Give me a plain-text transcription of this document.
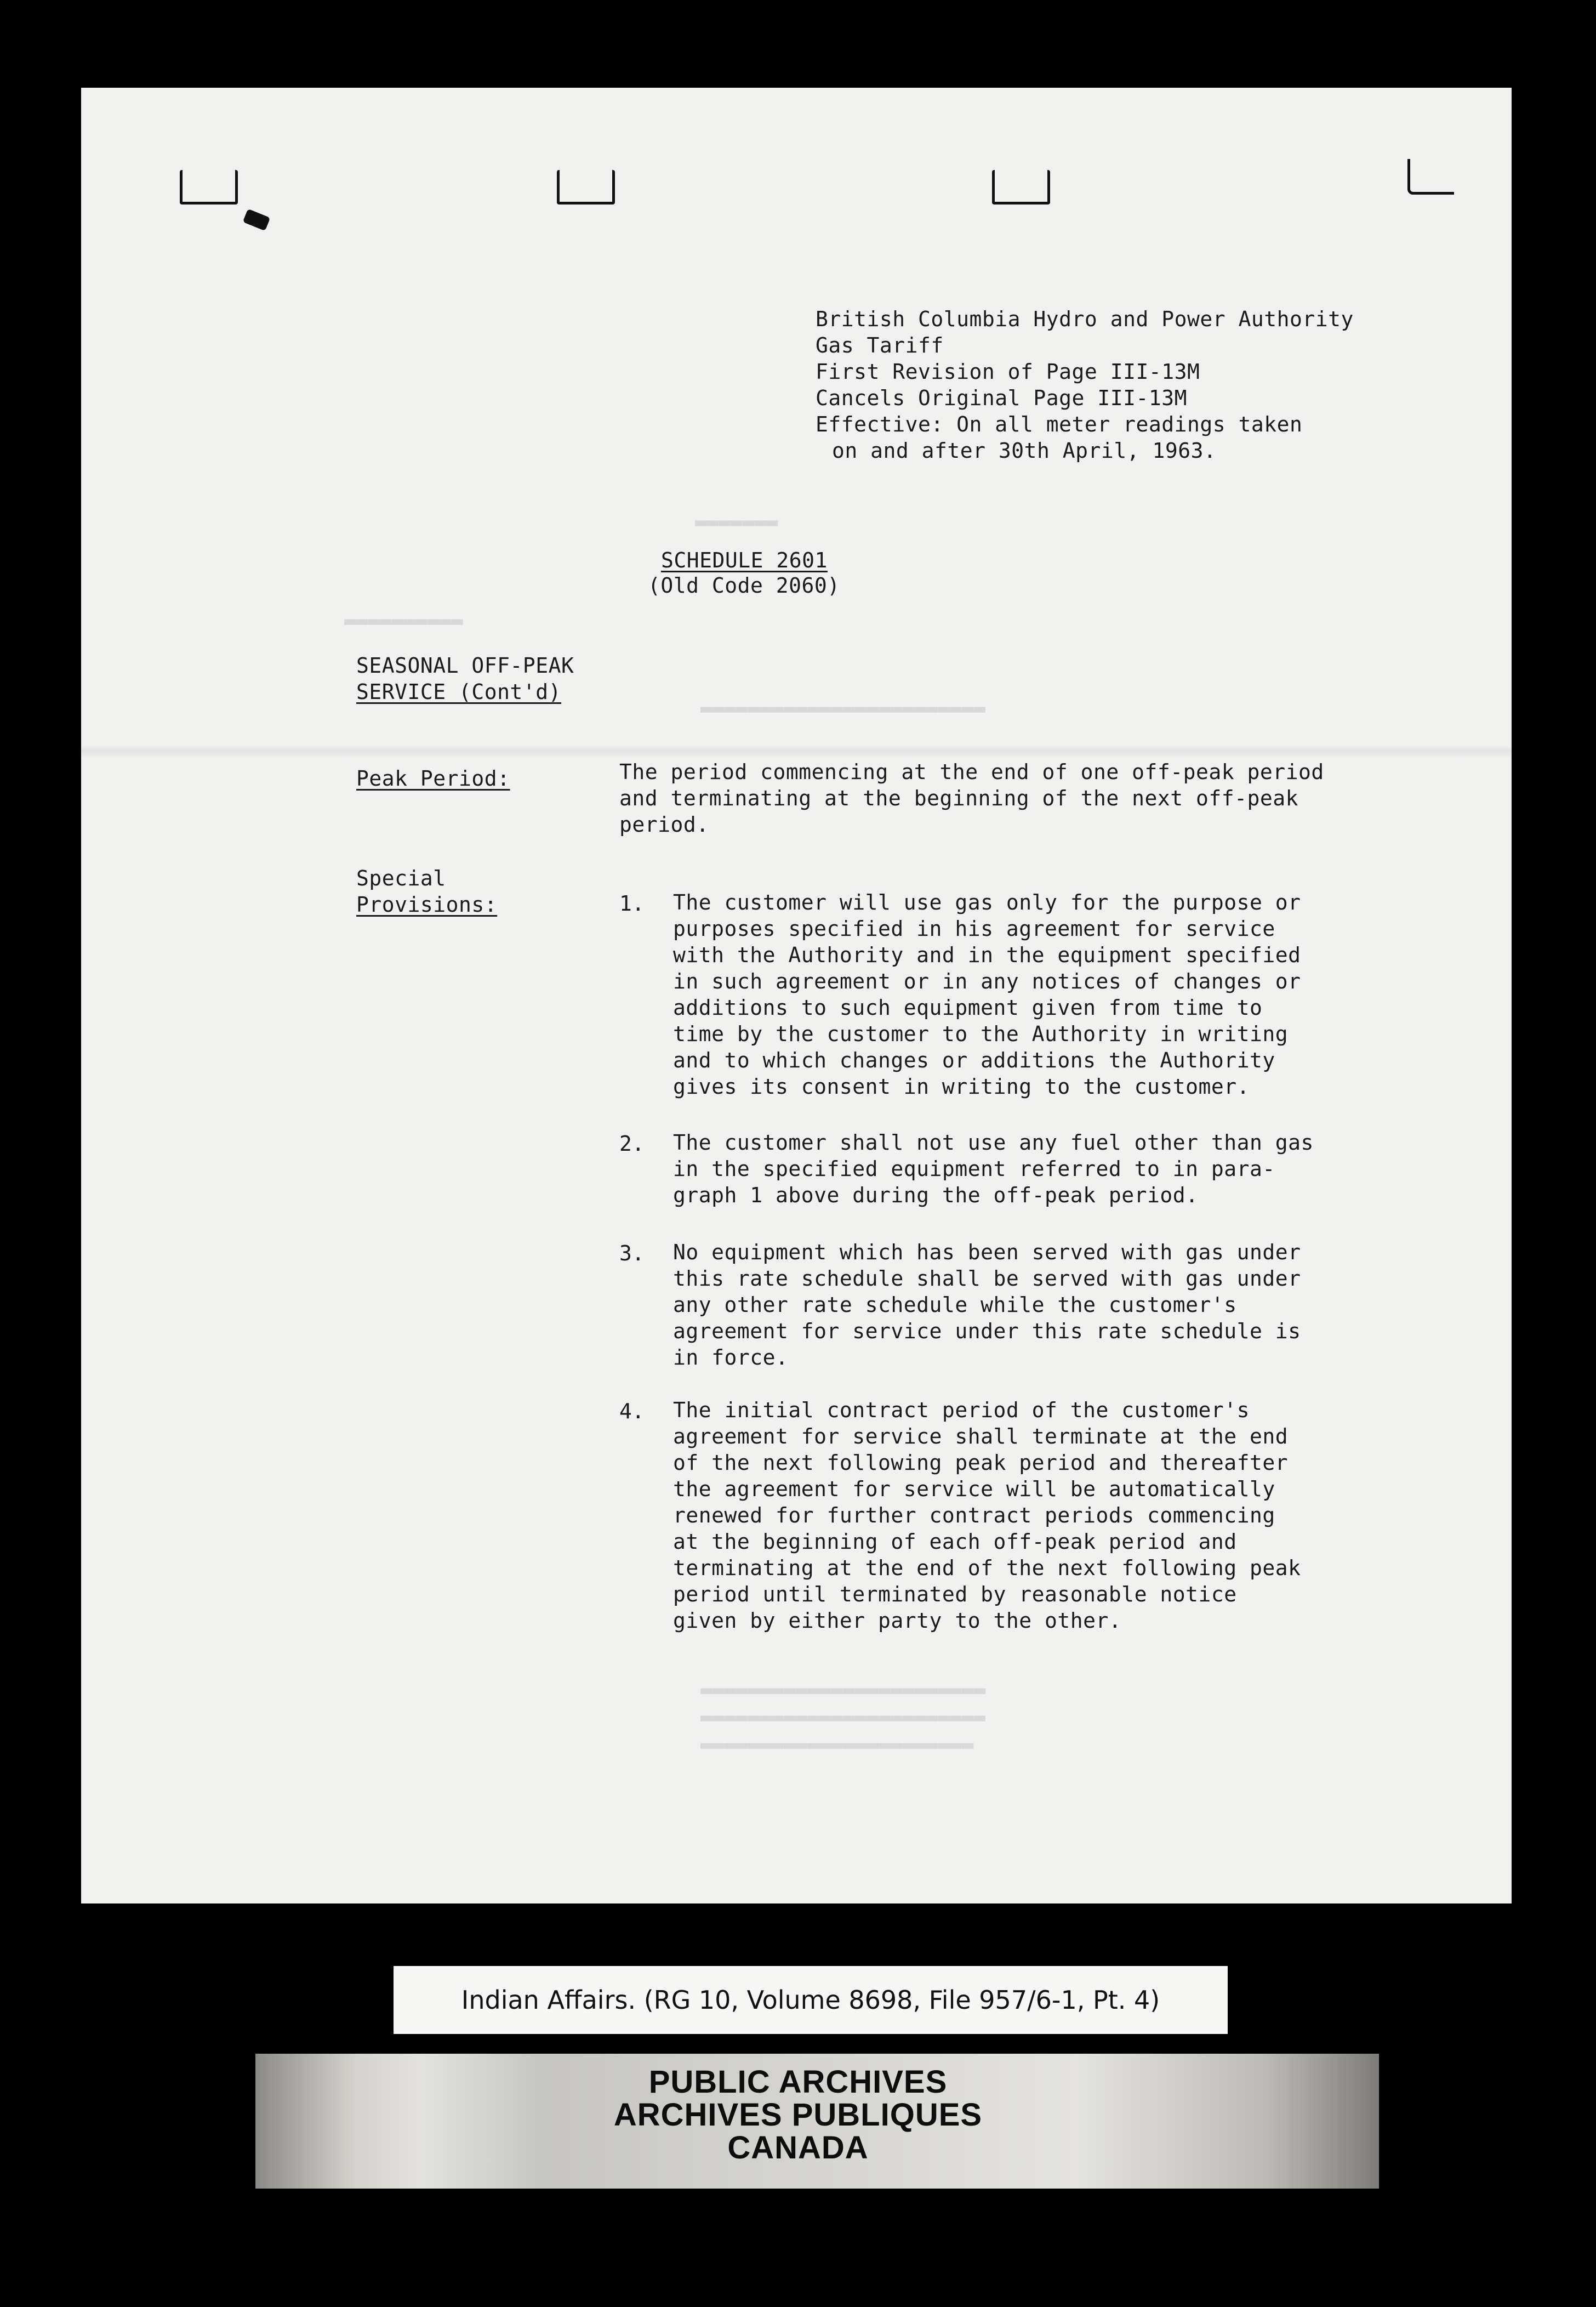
▬▬▬▬▬▬▬
▬▬▬▬▬▬▬▬▬▬
▬▬▬▬▬▬▬▬▬▬▬▬▬▬▬▬▬▬▬▬▬▬▬▬
▬▬▬▬▬▬▬▬▬▬▬▬▬▬▬▬▬▬▬▬▬▬▬▬
▬▬▬▬▬▬▬▬▬▬▬▬▬▬▬▬▬▬▬▬▬▬▬▬
▬▬▬▬▬▬▬▬▬▬▬▬▬▬▬▬▬▬▬▬▬▬▬
British Columbia Hydro and Power Authority
Gas Tariff
First Revision of Page III-13M
Cancels Original Page III-13M
Effective: On all meter readings taken
on and after 30th April, 1963.
SCHEDULE 2601
(Old Code 2060)
SEASONAL OFF-PEAK
SERVICE (Cont'd)
Peak Period:	The period commencing at the end of one off-peak period
and terminating at the beginning of the next off-peak
period.
Special
Provisions:	1. The customer will use gas only for the purpose or
purposes specified in his agreement for service
with the Authority and in the equipment specified
in such agreement or in any notices of changes or
additions to such equipment given from time to
time by the customer to the Authority in writing
and to which changes or additions the Authority
gives its consent in writing to the customer.
2. The customer shall not use any fuel other than gas
in the specified equipment referred to in para-
graph 1 above during the off-peak period.
3. No equipment which has been served with gas under
this rate schedule shall be served with gas under
any other rate schedule while the customer's
agreement for service under this rate schedule is
in force.
4. The initial contract period of the customer's
agreement for service shall terminate at the end
of the next following peak period and thereafter
the agreement for service will be automatically
renewed for further contract periods commencing
at the beginning of each off-peak period and
terminating at the end of the next following peak
period until terminated by reasonable notice
given by either party to the other.
Indian Affairs. (RG 10, Volume 8698, File 957/6-1, Pt. 4)
PUBLIC ARCHIVES
ARCHIVES PUBLIQUES
CANADA
